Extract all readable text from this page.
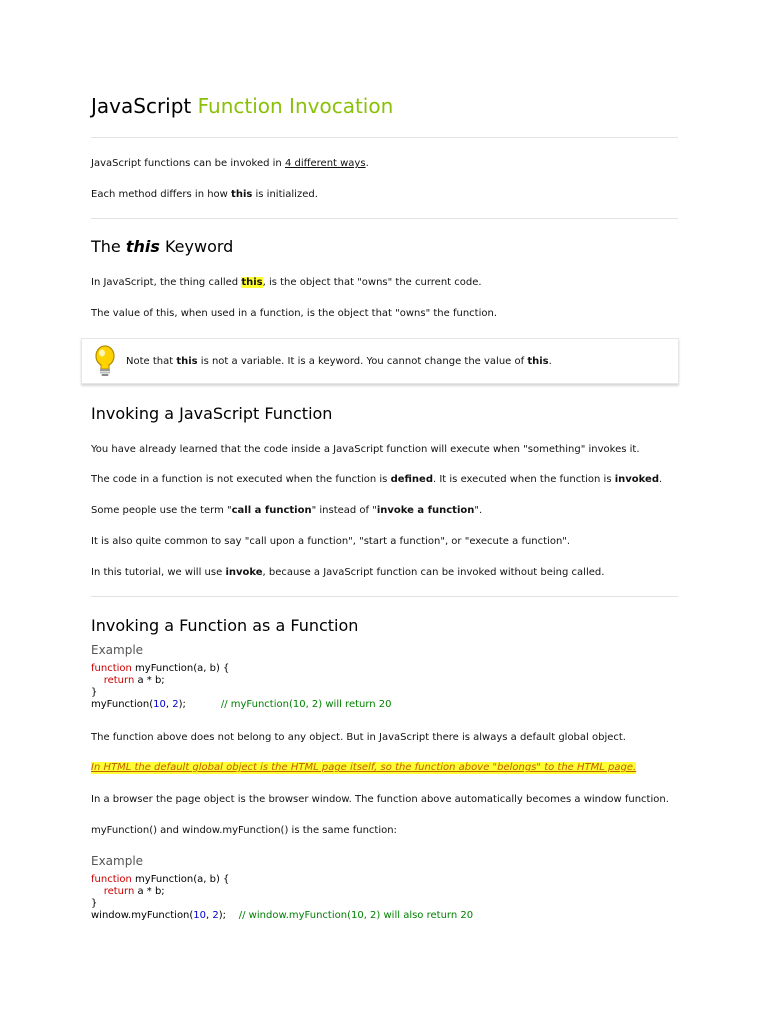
JavaScript Function Invocation

JavaScript functions can be invoked in 4 different ways.

Each method differs in how this is initialized.

The this Keyword

In JavaScript, the thing called this, is the object that "owns" the current code.

The value of this, when used in a function, is the object that "owns" the function.

Note that this is not a variable. It is a keyword. You cannot change the value of this.

Invoking a JavaScript Function

You have already learned that the code inside a JavaScript function will execute when "something" invokes it.

The code in a function is not executed when the function is defined. It is executed when the function is invoked.

Some people use the term "call a function" instead of "invoke a function".

It is also quite common to say "call upon a function", "start a function", or "execute a function".

In this tutorial, we will use invoke, because a JavaScript function can be invoked without being called.

Invoking a Function as a Function
Example
function myFunction(a, b) {
return a * b;
}
myFunction(10, 2);	// myFunction(10, 2) will return 20

The function above does not belong to any object. But in JavaScript there is always a default global object.

In HTML the default global object is the HTML page itself, so the function above "belongs" to the HTML page.

In a browser the page object is the browser window. The function above automatically becomes a window function.

myFunction() and window.myFunction() is the same function:

Example
function myFunction(a, b) {
return a * b;
}
window.myFunction(10, 2); // window.myFunction(10, 2) will also return 20
